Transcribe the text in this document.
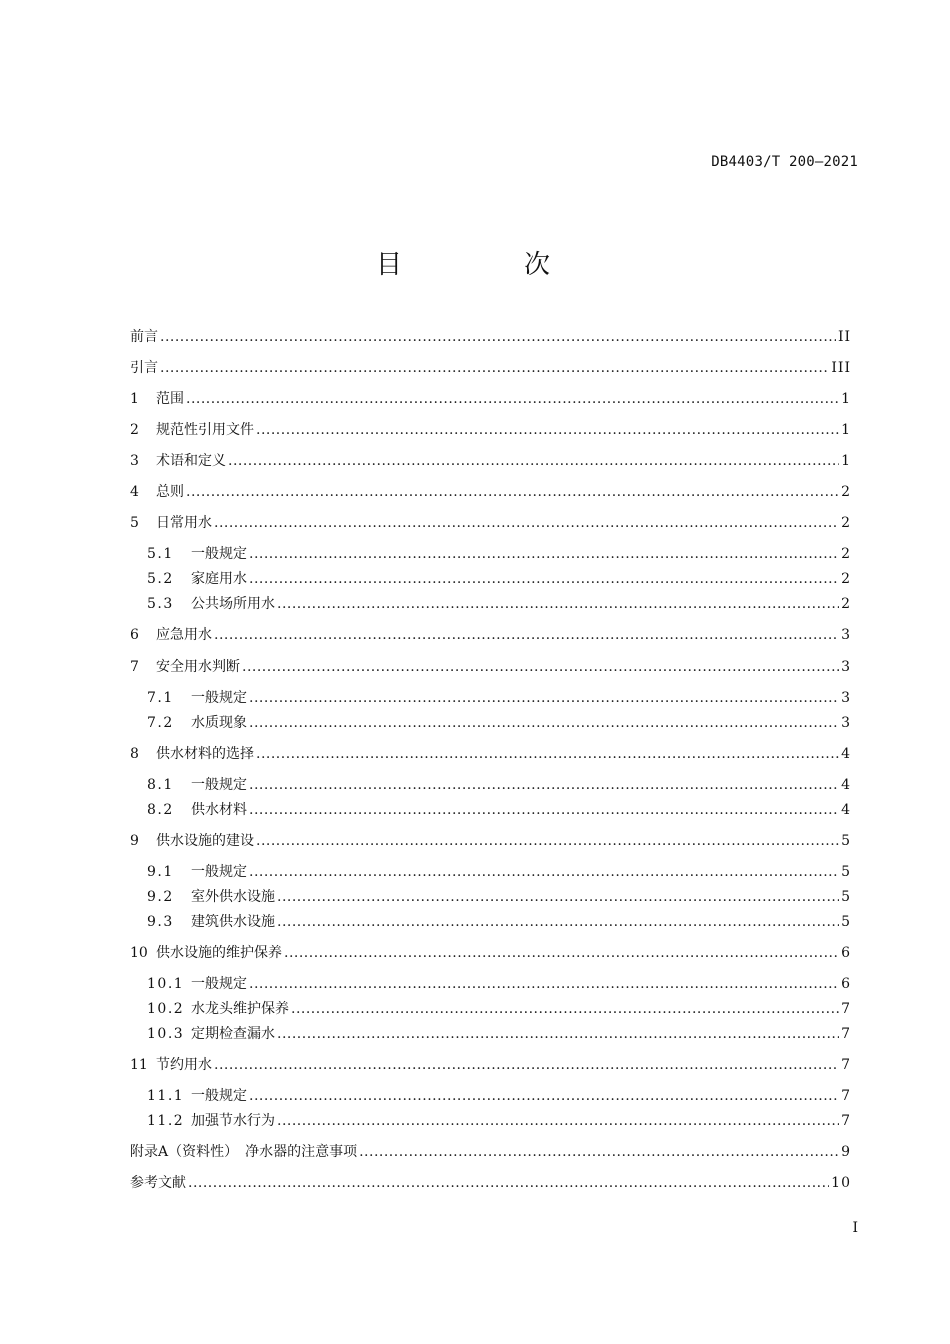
DB4403/T 200—2021
目　次
前言 .....	II
引言 .....	III
1	范围 .....	1
2	规范性引用文件 .....	1
3	术语和定义 .....	1
4	总则 .....	2
5	日常用水 .....	2
5.1	一般规定 .....	2
5.2	家庭用水 .....	2
5.3	公共场所用水 .....	2
6	应急用水 .....	3
7	安全用水判断 .....	3
7.1	一般规定 .....	3
7.2	水质现象 .....	3
8	供水材料的选择 .....	4
8.1	一般规定 .....	4
8.2	供水材料 .....	4
9	供水设施的建设 .....	5
9.1	一般规定 .....	5
9.2	室外供水设施 .....	5
9.3	建筑供水设施 .....	5
10 供水设施的维护保养 .....	6
10.1 一般规定 .....	6
10.2 水龙头维护保养 .....	7
10.3 定期检查漏水 .....	7
11 节约用水 .....	7
11.1 一般规定 .....	7
11.2 加强节水行为 .....	7
附录A（资料性）　净水器的注意事项 .....	9
参考文献 .....	10
I
